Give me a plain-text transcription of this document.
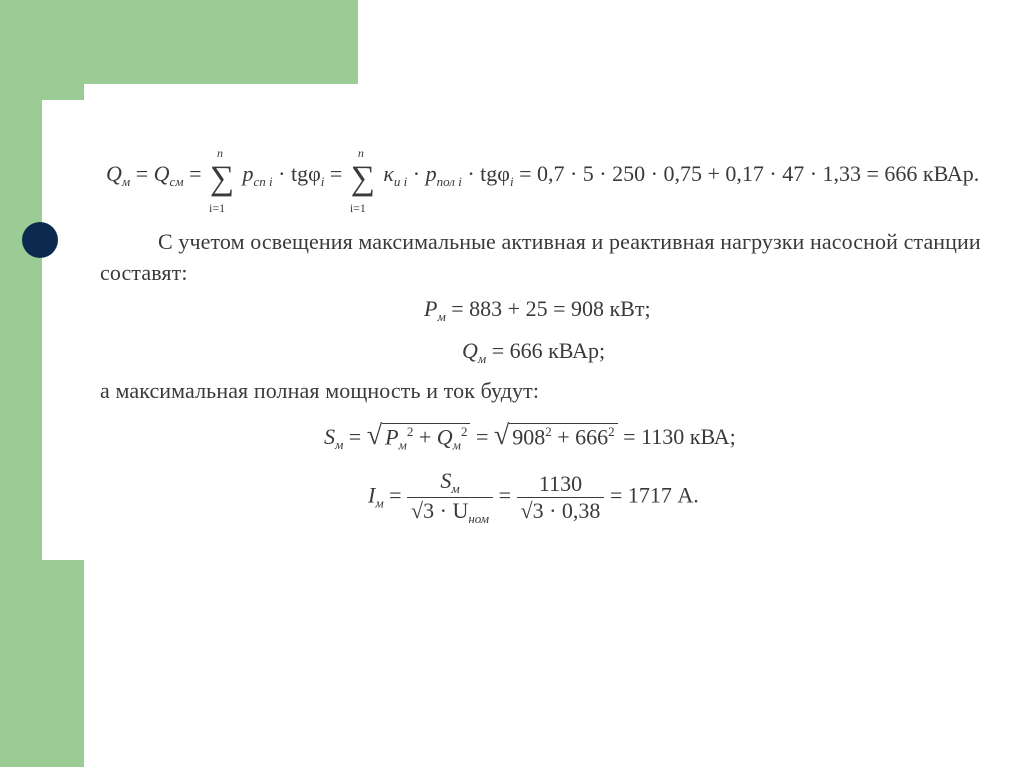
$Q_м = Q_{см}$ = ∑
n
i=1
$p_{сп i} \cdot tg\varphi_i$ = ∑
n
i=1
$\kappa_{u i} \cdot p_{пол i} \cdot tg\varphi_i = 0,7 \cdot 5 \cdot 250 \cdot 0,75 + 0,17 \cdot 47 \cdot 1,33 = 666$ кВАр.
С учетом освещения максимальные активная и реактивная нагрузки насосной станции составят:
$P_м = 883 + 25 = 908$ кВт;
$Q_м = 666$ кВАр;
а максимальная полная мощность и ток будут:
$S_м$ = √ $P_м^2 + Q_м^2$ = √ $908^2 + 666^2 = 1130$ кВА;
$I_м = \frac{S_м}{√3 \cdot U_{ном}} = \frac{1130}{√3 \cdot 0,38} = 1717$ А.
